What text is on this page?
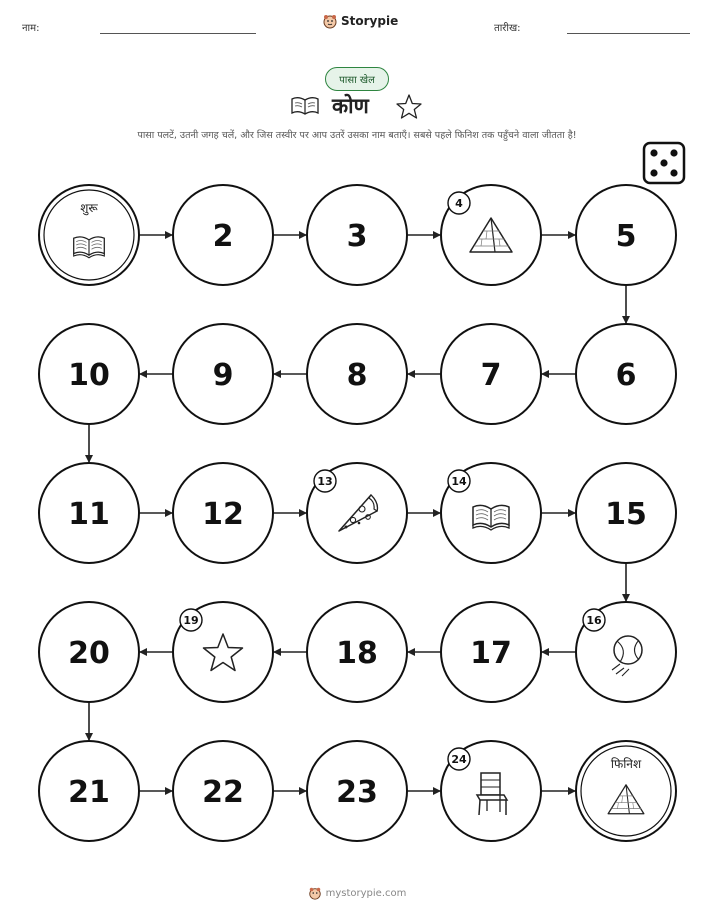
नाम:
Storypie
तारीख:
पासा खेल
कोण
पासा पलटें, उतनी जगह चलें, और जिस तस्वीर पर आप उतरें उसका नाम बताएँ। सबसे पहले फिनिश तक पहुँचने वाला जीतता है!
शुरू
2	3
4
5
6
7
8
9
10
11	12
13	14
15
16
17
18
19
20
21	22	23
24	फिनिश
mystorypie.com
